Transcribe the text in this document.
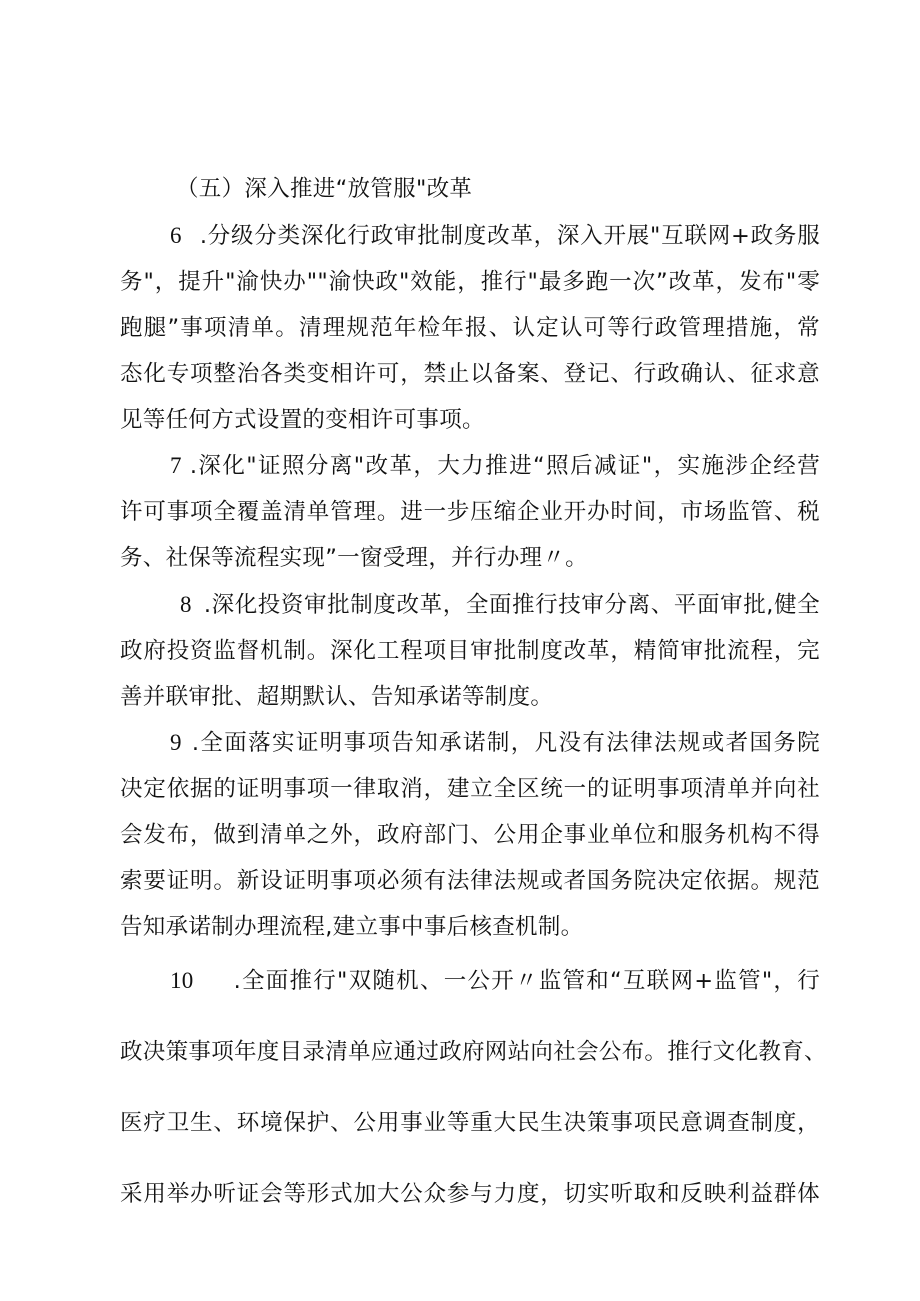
（五）深入推进“放管服"改革
6 .分级分类深化行政审批制度改革，深入开展"互联网+政务服
务"，提升"渝快办""渝快政"效能，推行"最多跑一次”改革，发布"零
跑腿”事项清单。清理规范年检年报、认定认可等行政管理措施，常
态化专项整治各类变相许可，禁止以备案、登记、行政确认、征求意
见等任何方式设置的变相许可事项。
7 .深化"证照分离"改革，大力推进“照后减证"，实施涉企经营
许可事项全覆盖清单管理。进一步压缩企业开办时间，市场监管、税
务、社保等流程实现”一窗受理，并行办理〃。
8 .深化投资审批制度改革，全面推行技审分离、平面审批,健全
政府投资监督机制。深化工程项目审批制度改革，精简审批流程，完
善并联审批、超期默认、告知承诺等制度。
9 .全面落实证明事项告知承诺制，凡没有法律法规或者国务院
决定依据的证明事项一律取消，建立全区统一的证明事项清单并向社
会发布，做到清单之外，政府部门、公用企事业单位和服务机构不得
索要证明。新设证明事项必须有法律法规或者国务院决定依据。规范
告知承诺制办理流程,建立事中事后核查机制。
10 .全面推行"双随机、一公开〃监管和“互联网+监管"，行
政决策事项年度目录清单应通过政府网站向社会公布。推行文化教育、
医疗卫生、环境保护、公用事业等重大民生决策事项民意调查制度，
采用举办听证会等形式加大公众参与力度，切实听取和反映利益群体
